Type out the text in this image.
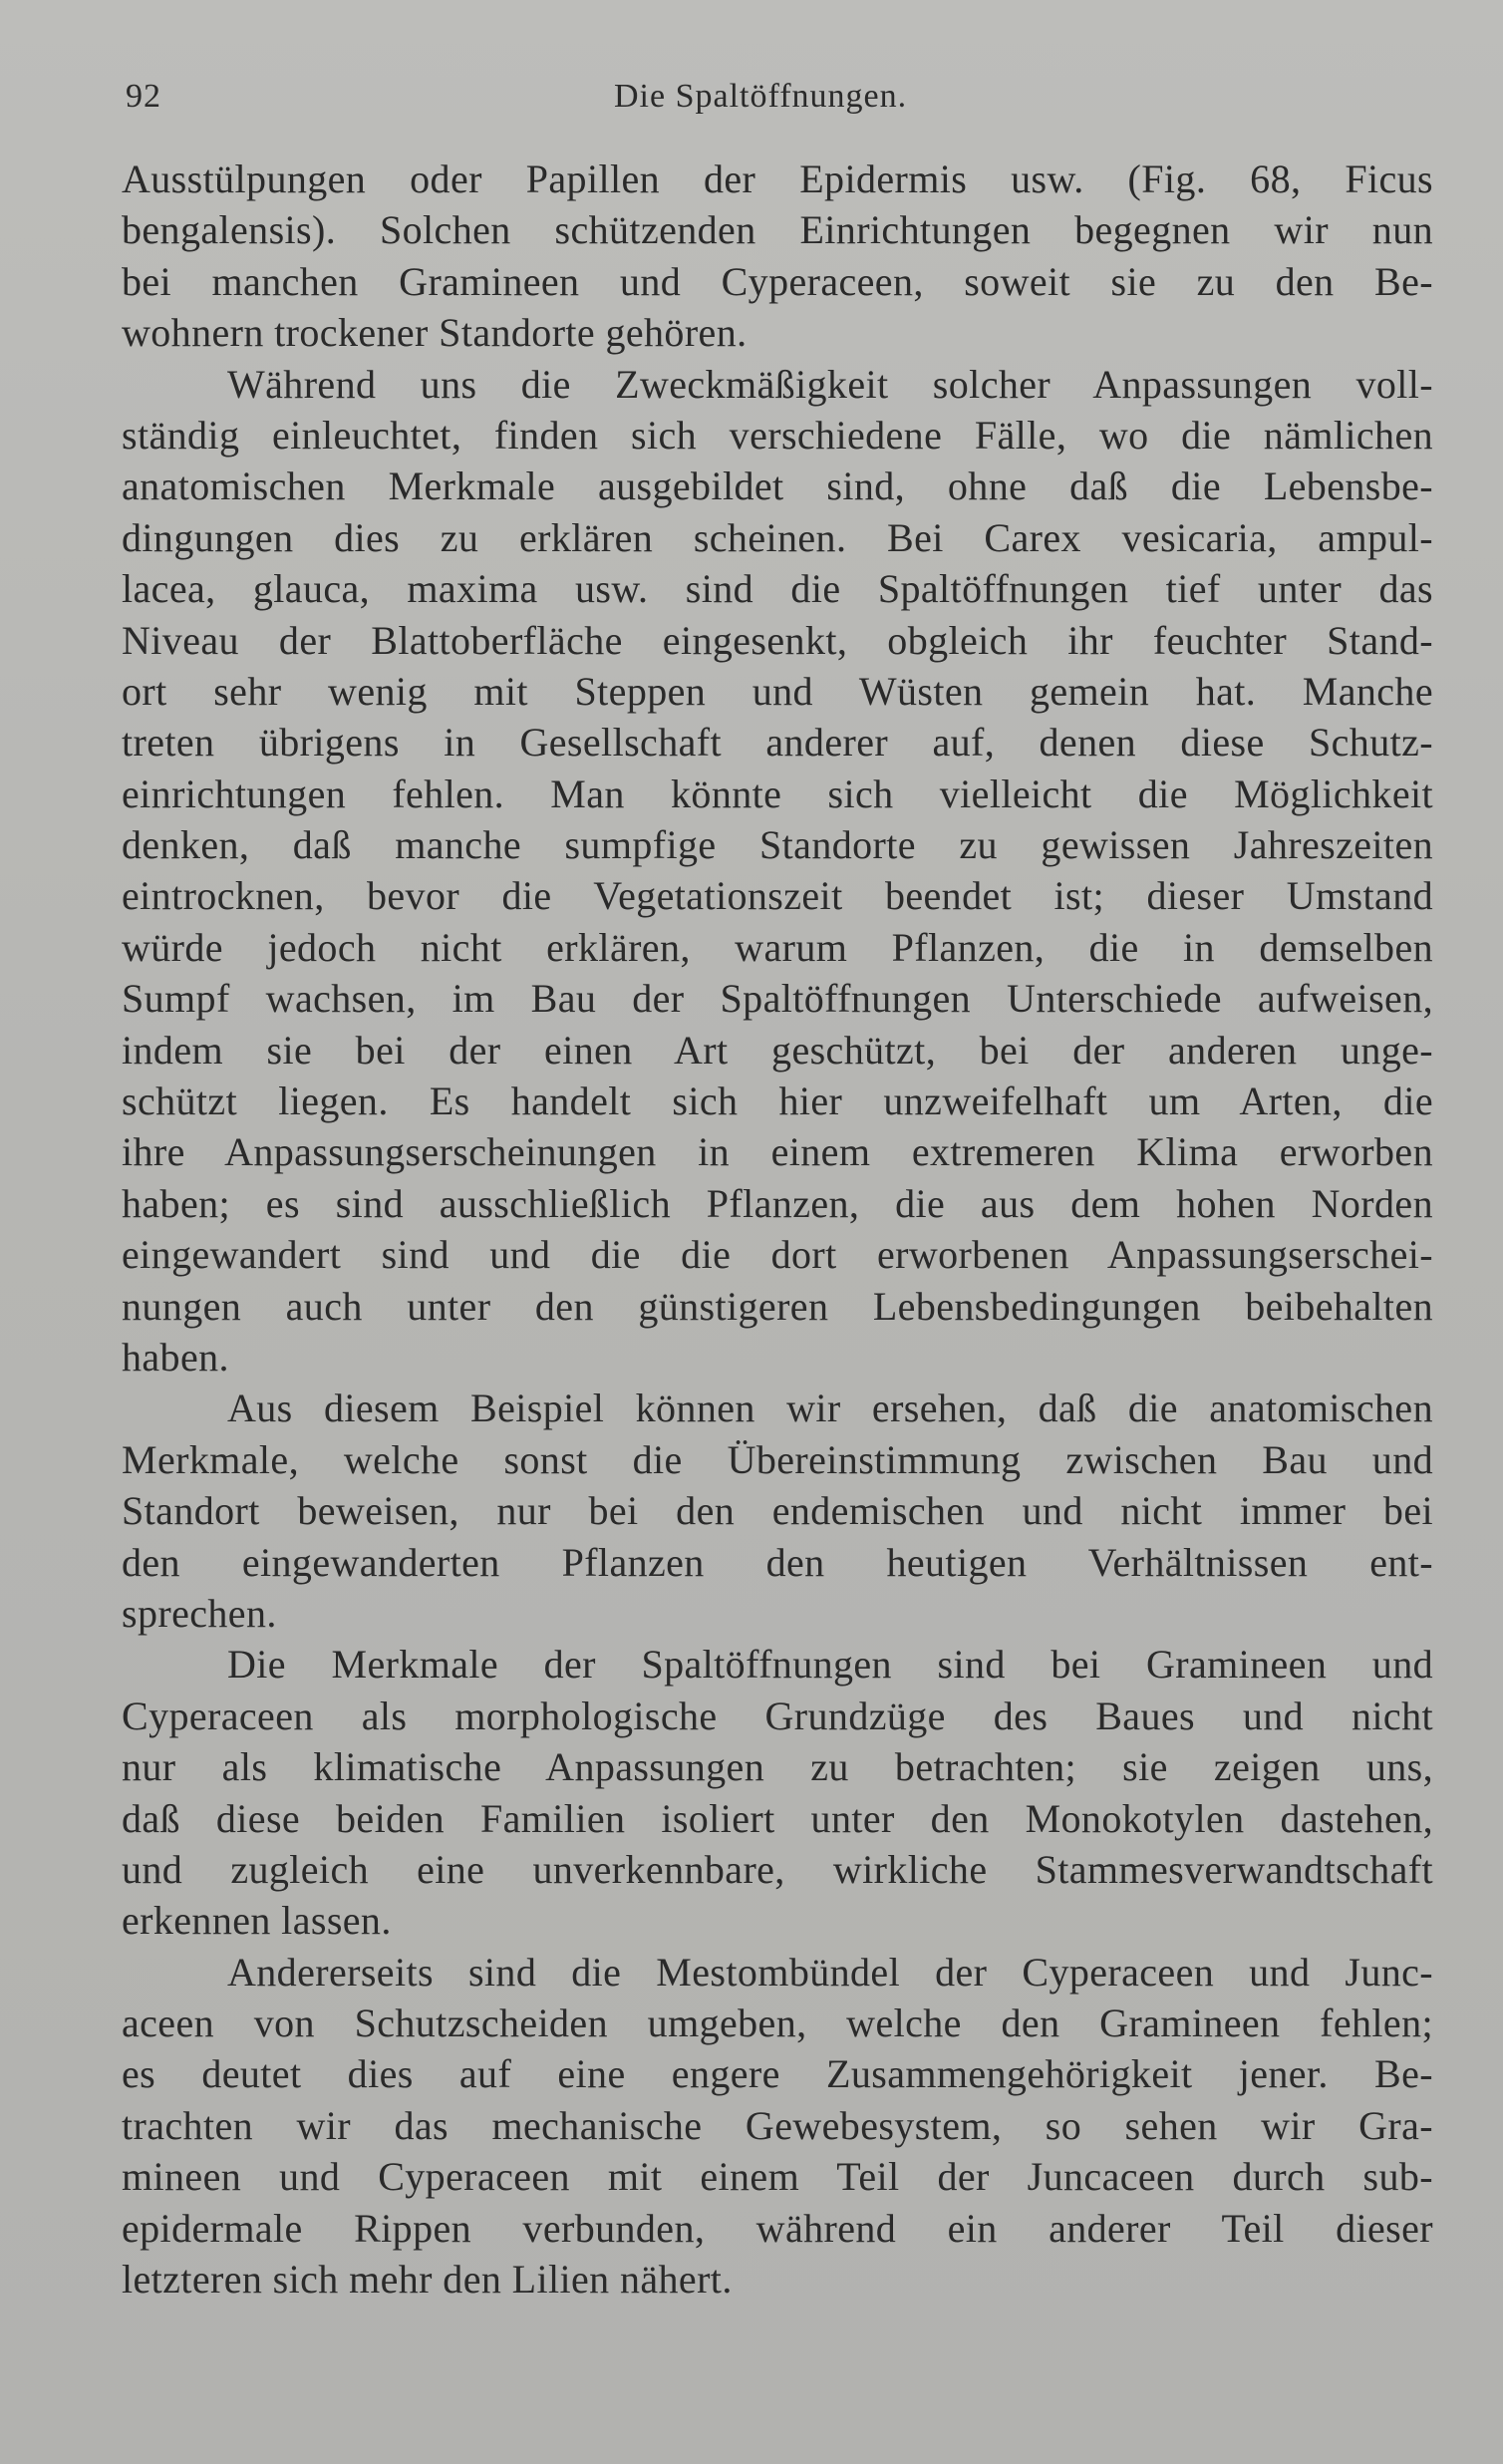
92	Die Spaltöffnungen.
Ausstülpungen oder Papillen der Epidermis usw. (Fig. 68, Ficus
bengalensis). Solchen schützenden Einrichtungen begegnen wir nun
bei manchen Gramineen und Cyperaceen, soweit sie zu den Be-
wohnern trockener Standorte gehören.
Während uns die Zweckmäßigkeit solcher Anpassungen voll-
ständig einleuchtet, finden sich verschiedene Fälle, wo die nämlichen
anatomischen Merkmale ausgebildet sind, ohne daß die Lebensbe-
dingungen dies zu erklären scheinen. Bei Carex vesicaria, ampul-
lacea, glauca, maxima usw. sind die Spaltöffnungen tief unter das
Niveau der Blattoberfläche eingesenkt, obgleich ihr feuchter Stand-
ort sehr wenig mit Steppen und Wüsten gemein hat. Manche
treten übrigens in Gesellschaft anderer auf, denen diese Schutz-
einrichtungen fehlen. Man könnte sich vielleicht die Möglichkeit
denken, daß manche sumpfige Standorte zu gewissen Jahreszeiten
eintrocknen, bevor die Vegetationszeit beendet ist; dieser Umstand
würde jedoch nicht erklären, warum Pflanzen, die in demselben
Sumpf wachsen, im Bau der Spaltöffnungen Unterschiede aufweisen,
indem sie bei der einen Art geschützt, bei der anderen unge-
schützt liegen. Es handelt sich hier unzweifelhaft um Arten, die
ihre Anpassungserscheinungen in einem extremeren Klima erworben
haben; es sind ausschließlich Pflanzen, die aus dem hohen Norden
eingewandert sind und die die dort erworbenen Anpassungserschei-
nungen auch unter den günstigeren Lebensbedingungen beibehalten
haben.
Aus diesem Beispiel können wir ersehen, daß die anatomischen
Merkmale, welche sonst die Übereinstimmung zwischen Bau und
Standort beweisen, nur bei den endemischen und nicht immer bei
den eingewanderten Pflanzen den heutigen Verhältnissen ent-
sprechen.
Die Merkmale der Spaltöffnungen sind bei Gramineen und
Cyperaceen als morphologische Grundzüge des Baues und nicht
nur als klimatische Anpassungen zu betrachten; sie zeigen uns,
daß diese beiden Familien isoliert unter den Monokotylen dastehen,
und zugleich eine unverkennbare, wirkliche Stammesverwandtschaft
erkennen lassen.
Andererseits sind die Mestombündel der Cyperaceen und Junc-
aceen von Schutzscheiden umgeben, welche den Gramineen fehlen;
es deutet dies auf eine engere Zusammengehörigkeit jener. Be-
trachten wir das mechanische Gewebesystem, so sehen wir Gra-
mineen und Cyperaceen mit einem Teil der Juncaceen durch sub-
epidermale Rippen verbunden, während ein anderer Teil dieser
letzteren sich mehr den Lilien nähert.
